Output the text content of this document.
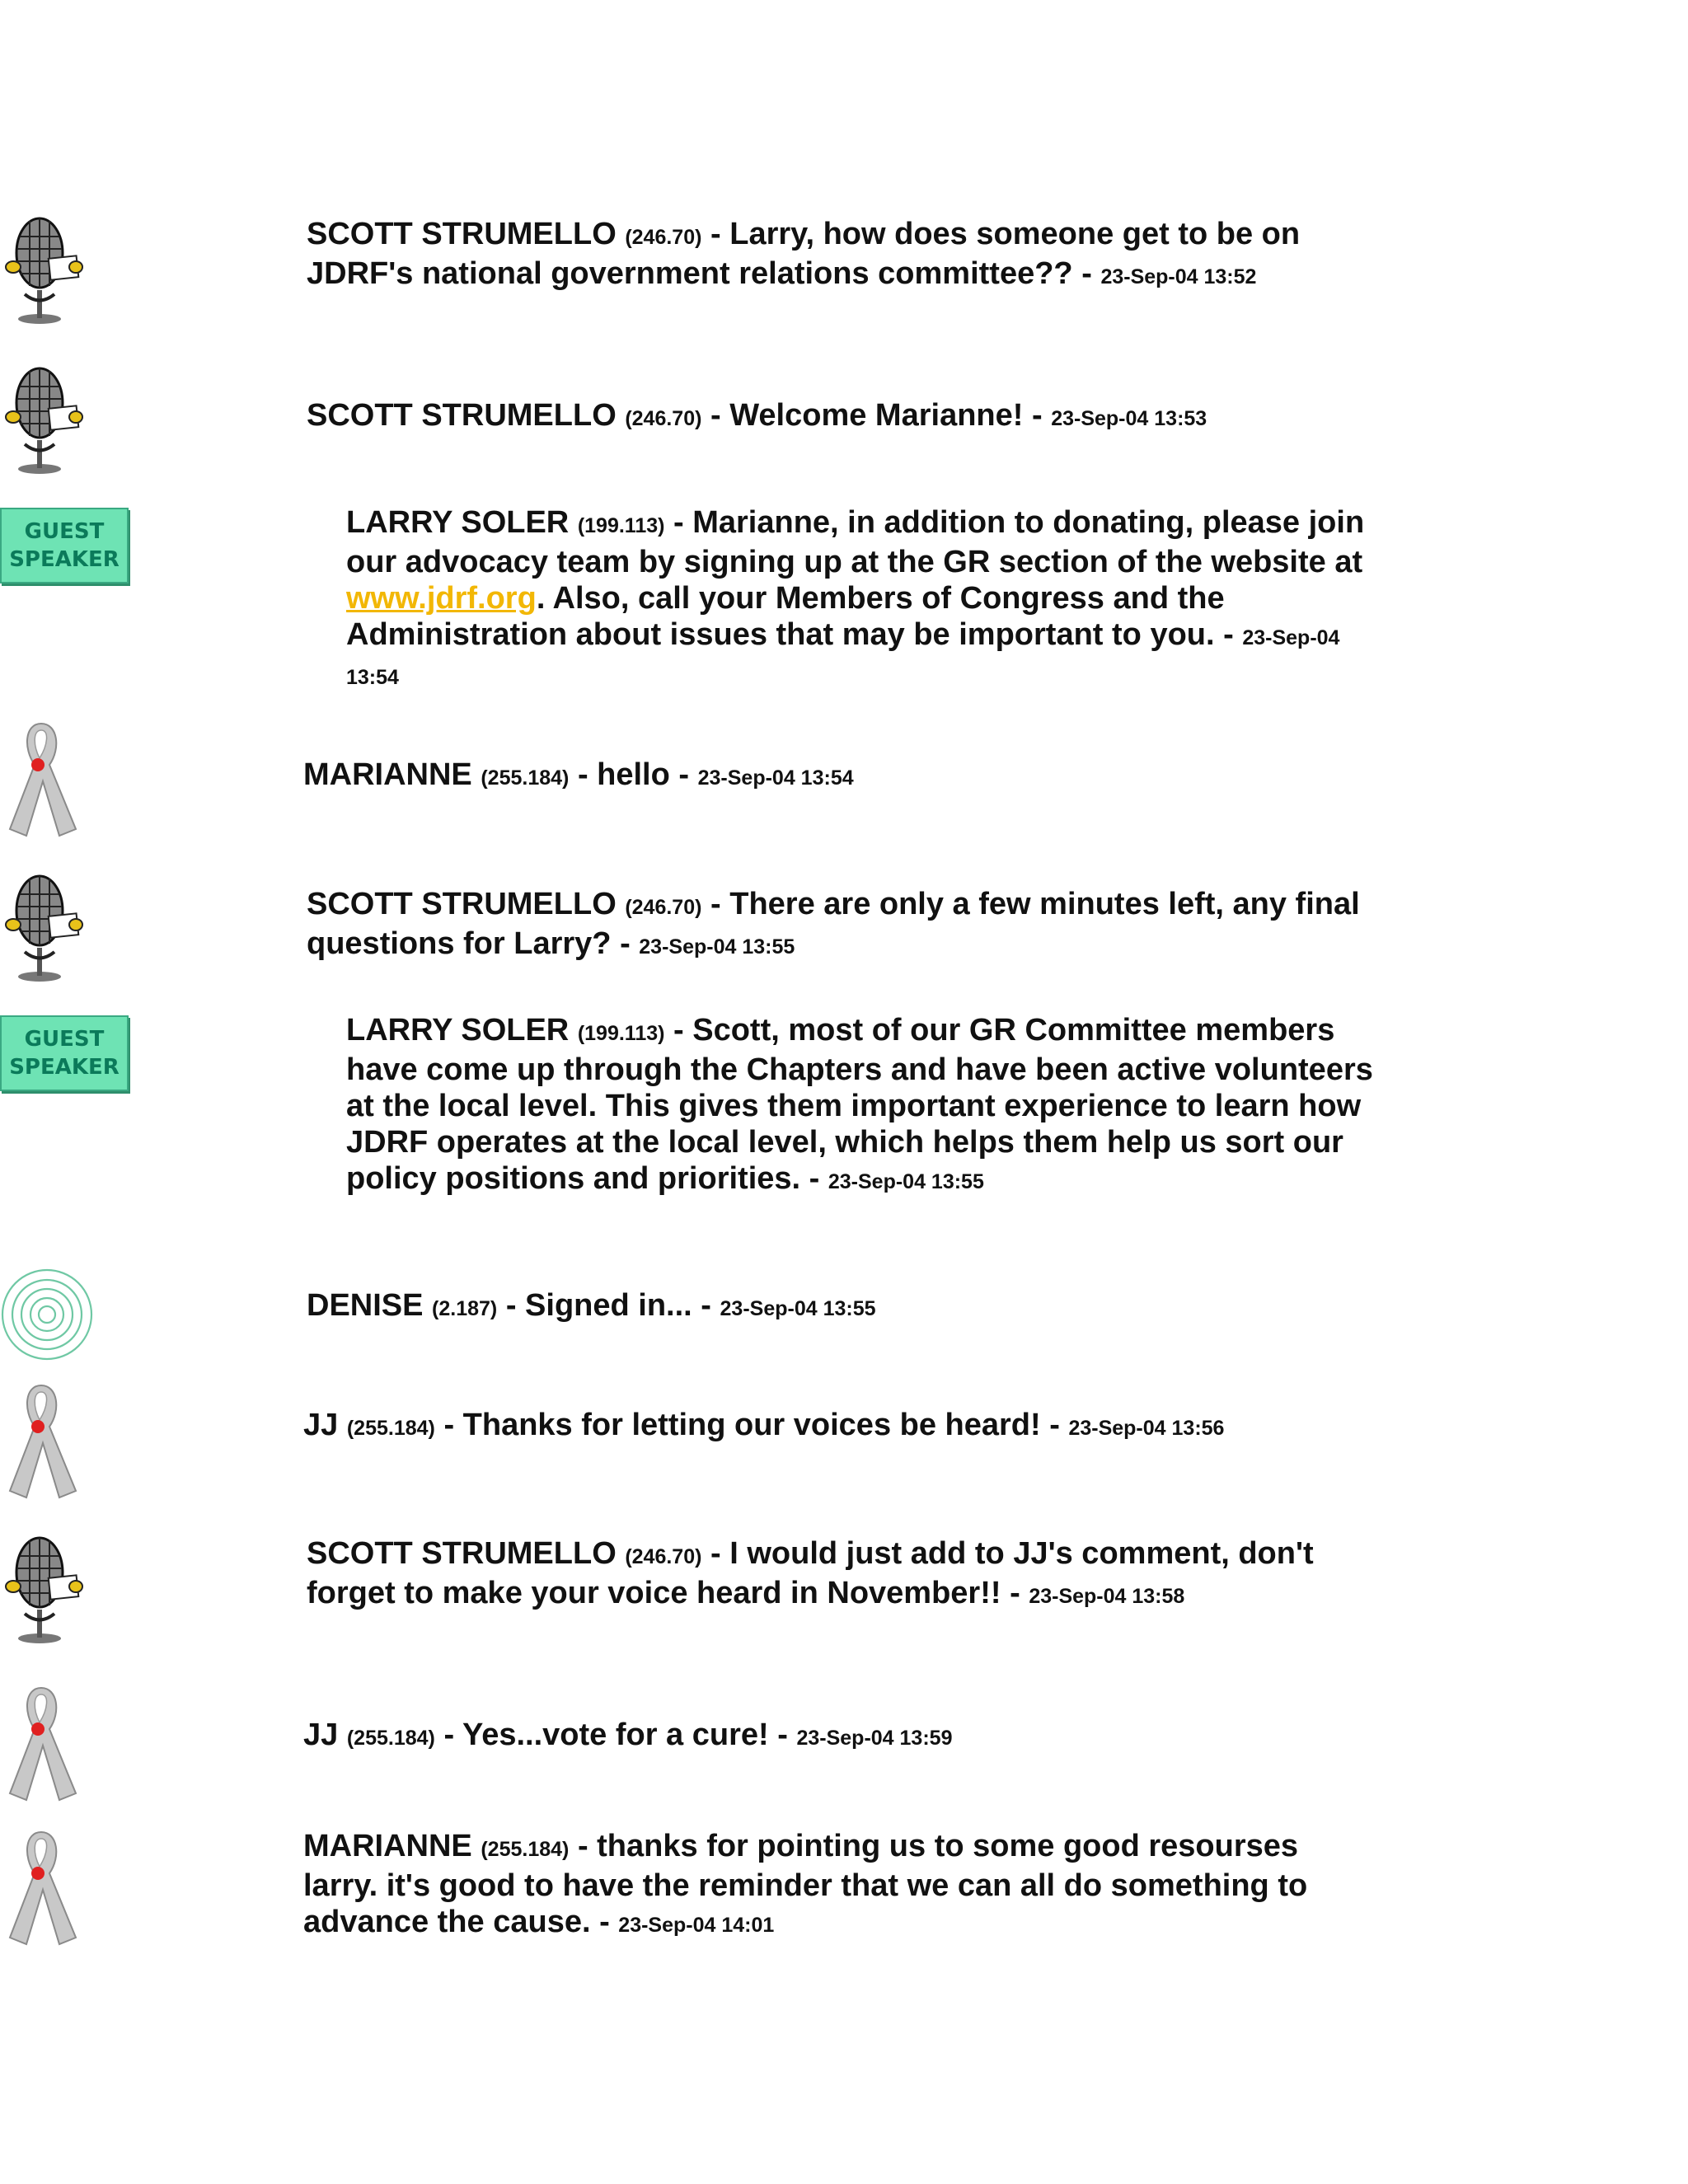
SCOTT STRUMELLO (246.70) - Larry, how does someone get to be on JDRF's national government relations committee?? - 23-Sep-04 13:52
SCOTT STRUMELLO (246.70) - Welcome Marianne! - 23-Sep-04 13:53
GUEST
SPEAKER
LARRY SOLER (199.113) - Marianne, in addition to donating, please join our advocacy team by signing up at the GR section of the website at www.jdrf.org. Also, call your Members of Congress and the Administration about issues that may be important to you. - 23-Sep-04 13:54
MARIANNE (255.184) - hello - 23-Sep-04 13:54
SCOTT STRUMELLO (246.70) - There are only a few minutes left, any final questions for Larry? - 23-Sep-04 13:55
GUEST
SPEAKER
LARRY SOLER (199.113) - Scott, most of our GR Committee members have come up through the Chapters and have been active volunteers at the local level. This gives them important experience to learn how JDRF operates at the local level, which helps them help us sort our policy positions and priorities. - 23-Sep-04 13:55
DENISE (2.187) - Signed in... - 23-Sep-04 13:55
JJ (255.184) - Thanks for letting our voices be heard! - 23-Sep-04 13:56
SCOTT STRUMELLO (246.70) - I would just add to JJ's comment, don't forget to make your voice heard in November!! - 23-Sep-04 13:58
JJ (255.184) - Yes...vote for a cure! - 23-Sep-04 13:59
MARIANNE (255.184) - thanks for pointing us to some good resourses larry. it's good to have the reminder that we can all do something to advance the cause. - 23-Sep-04 14:01
